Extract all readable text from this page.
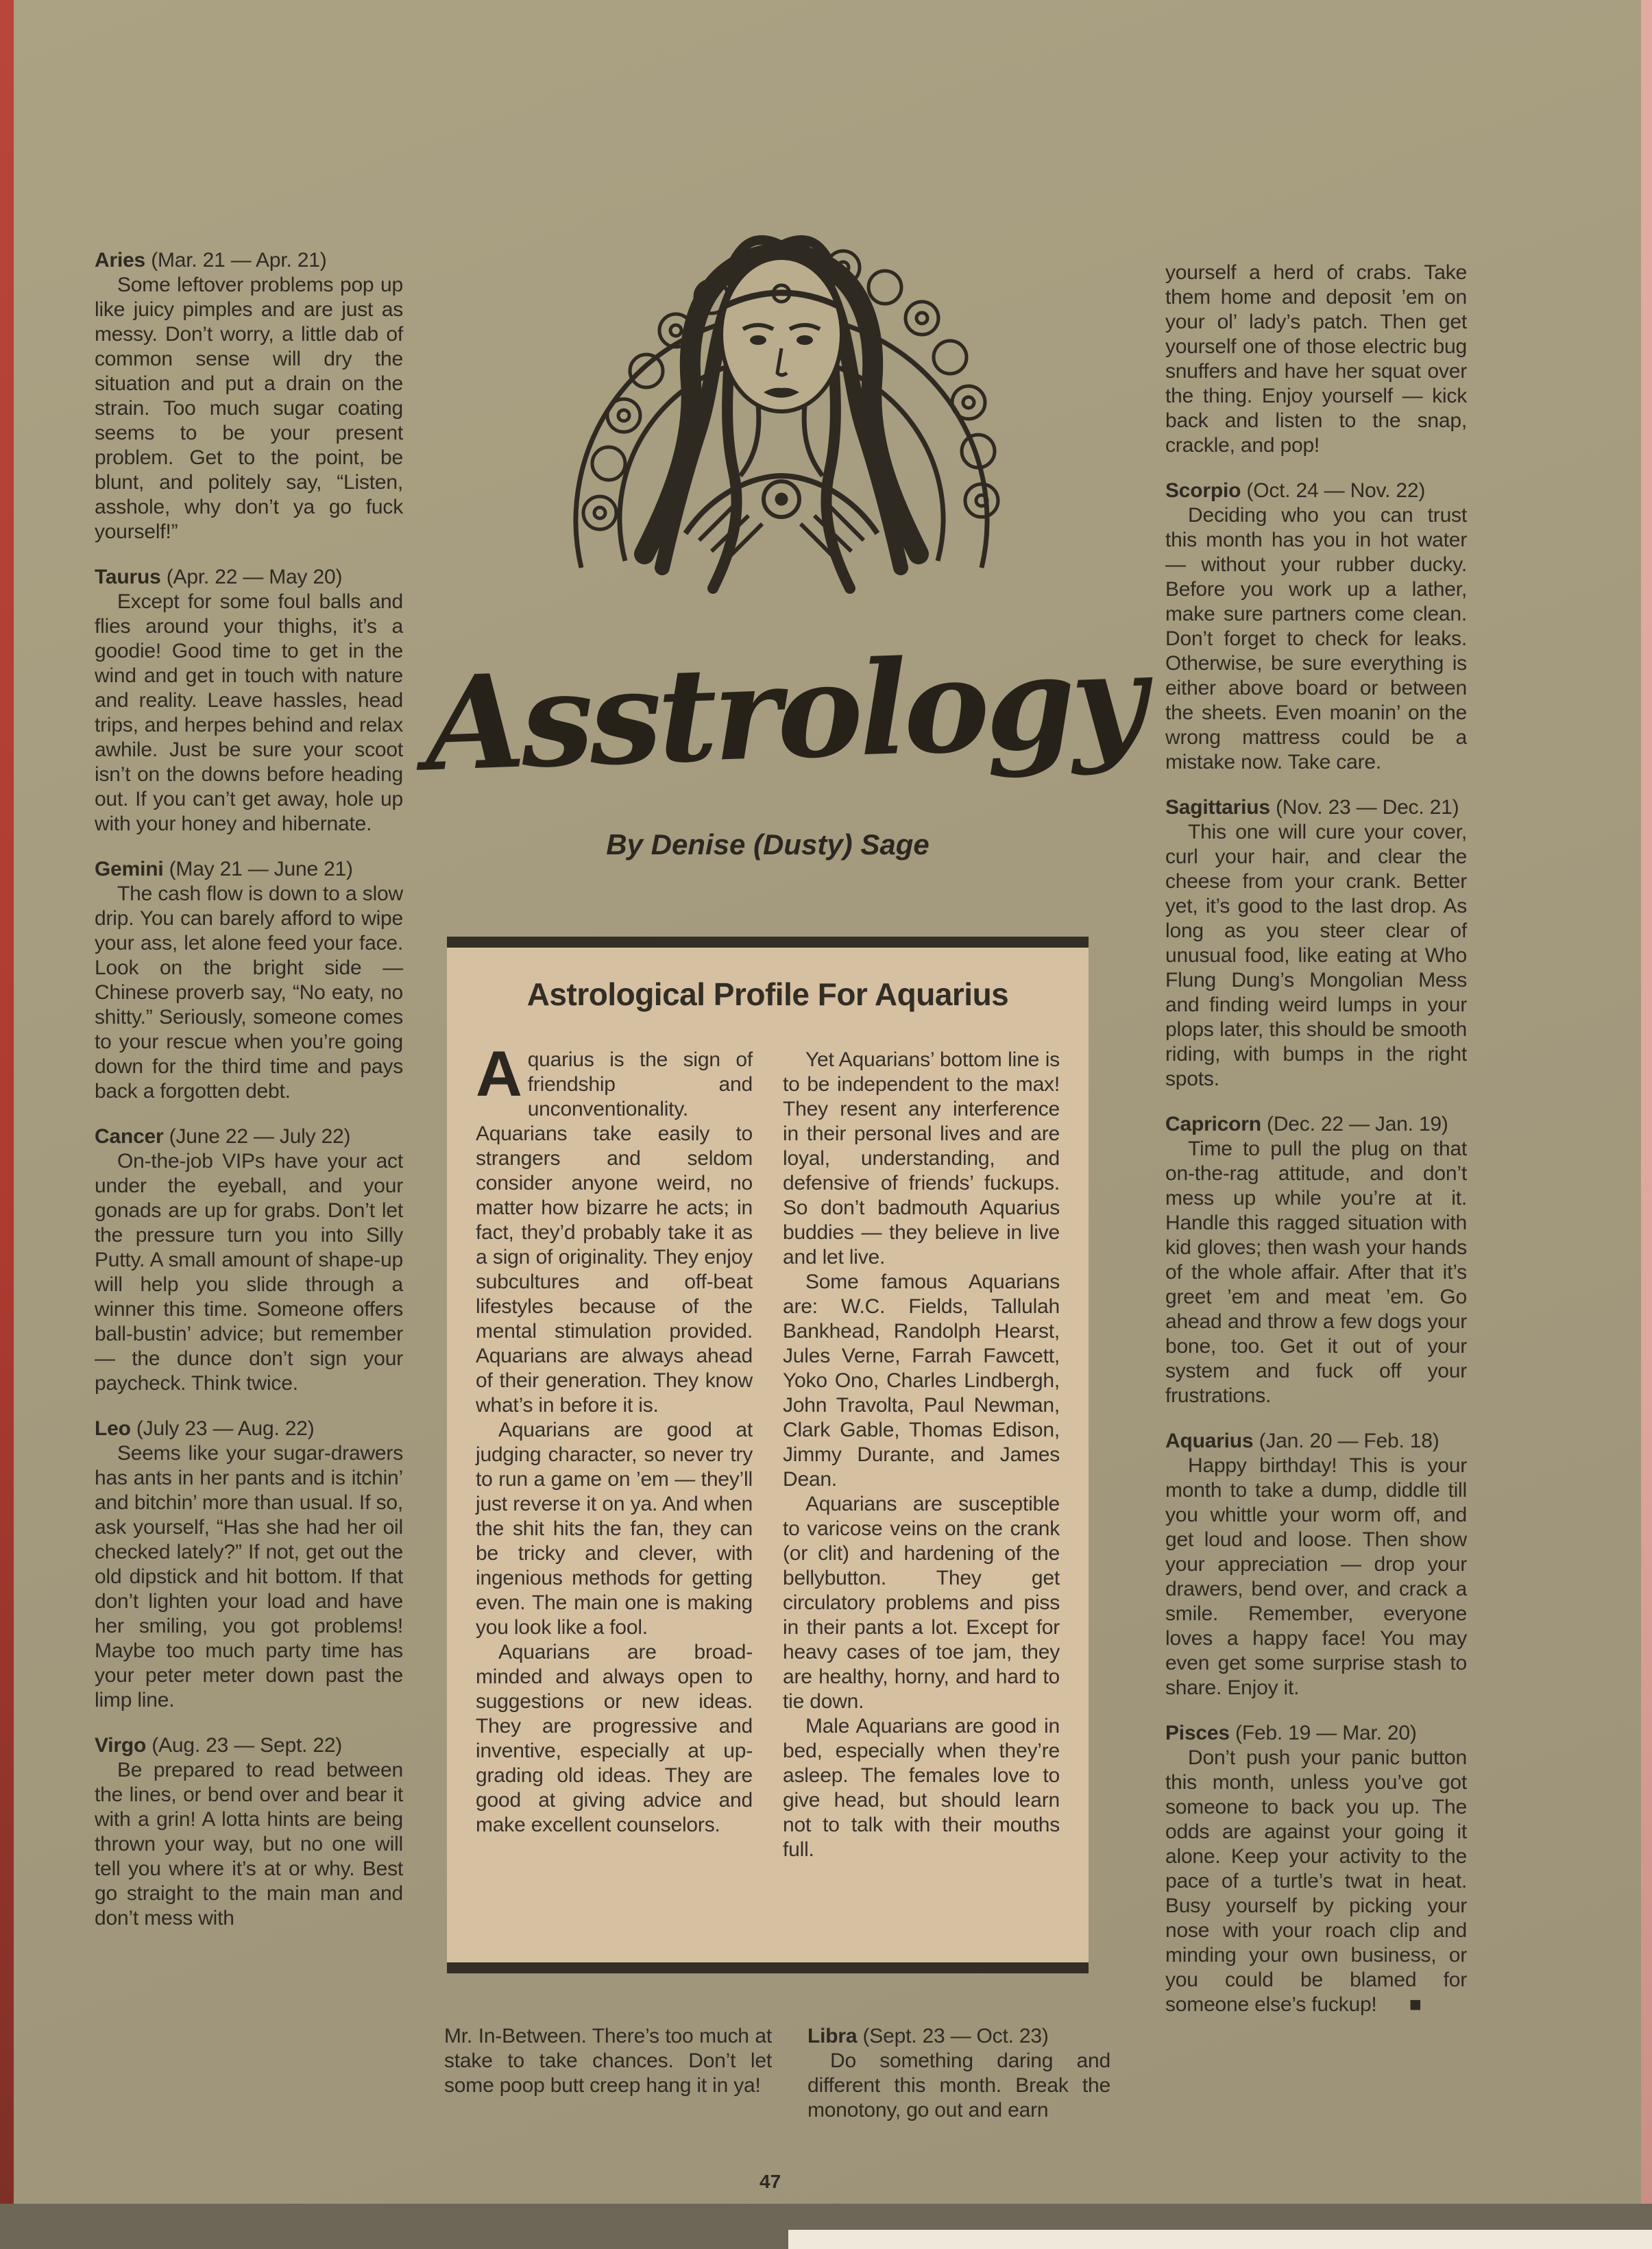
Aries (Mar. 21 — Apr. 21)

Some leftover problems pop up like juicy pimples and are just as messy. Don’t worry, a little dab of common sense will dry the situation and put a drain on the strain. Too much sugar coating seems to be your present problem. Get to the point, be blunt, and politely say, “Listen, asshole, why don’t ya go fuck yourself!”

Taurus (Apr. 22 — May 20)

Except for some foul balls and flies around your thighs, it’s a goodie! Good time to get in the wind and get in touch with nature and reality. Leave hassles, head trips, and herpes behind and relax awhile. Just be sure your scoot isn’t on the downs before heading out. If you can’t get away, hole up with your honey and hibernate.

Gemini (May 21 — June 21)

The cash flow is down to a slow drip. You can barely afford to wipe your ass, let alone feed your face. Look on the bright side — Chinese proverb say, “No eaty, no shitty.” Seriously, someone comes to your rescue when you’re going down for the third time and pays back a forgotten debt.

Cancer (June 22 — July 22)

On-the-job VIPs have your act under the eyeball, and your gonads are up for grabs. Don’t let the pressure turn you into Silly Putty. A small amount of shape-up will help you slide through a winner this time. Someone offers ball-bustin’ advice; but remember — the dunce don’t sign your paycheck. Think twice.

Leo (July 23 — Aug. 22)

Seems like your sugar-drawers has ants in her pants and is itchin’ and bitchin’ more than usual. If so, ask yourself, “Has she had her oil checked lately?” If not, get out the old dipstick and hit bottom. If that don’t lighten your load and have her smiling, you got problems! Maybe too much party time has your peter meter down past the limp line.

Virgo (Aug. 23 — Sept. 22)

Be prepared to read between the lines, or bend over and bear it with a grin! A lotta hints are being thrown your way, but no one will tell you where it’s at or why. Best go straight to the main man and don’t mess with

Asstrology
By Denise (Dusty) Sage
Astrological Profile For Aquarius

Aquarius is the sign of friendship and unconventionality. Aquarians take easily to strangers and seldom consider anyone weird, no matter how bizarre he acts; in fact, they’d probably take it as a sign of originality. They enjoy subcultures and off-beat lifestyles because of the mental stimulation provided. Aquarians are always ahead of their generation. They know what’s in before it is.

Aquarians are good at judging character, so never try to run a game on ’em — they’ll just reverse it on ya. And when the shit hits the fan, they can be tricky and clever, with ingenious methods for getting even. The main one is making you look like a fool.

Aquarians are broad-minded and always open to suggestions or new ideas. They are progressive and inventive, especially at up-grading old ideas. They are good at giving advice and make excellent counselors.

Yet Aquarians’ bottom line is to be independent to the max! They resent any interference in their personal lives and are loyal, understanding, and defensive of friends’ fuckups. So don’t badmouth Aquarius buddies — they believe in live and let live.

Some famous Aquarians are: W.C. Fields, Tallulah Bankhead, Randolph Hearst, Jules Verne, Farrah Fawcett, Yoko Ono, Charles Lindbergh, John Travolta, Paul Newman, Clark Gable, Thomas Edison, Jimmy Durante, and James Dean.

Aquarians are susceptible to varicose veins on the crank (or clit) and hardening of the bellybutton. They get circulatory problems and piss in their pants a lot. Except for heavy cases of toe jam, they are healthy, horny, and hard to tie down.

Male Aquarians are good in bed, especially when they’re asleep. The females love to give head, but should learn not to talk with their mouths full.

Mr. In-Between. There’s too much at stake to take chances. Don’t let some poop butt creep hang it in ya!

Libra (Sept. 23 — Oct. 23)

Do something daring and different this month. Break the monotony, go out and earn

yourself a herd of crabs. Take them home and deposit ’em on your ol’ lady’s patch. Then get yourself one of those electric bug snuffers and have her squat over the thing. Enjoy yourself — kick back and listen to the snap, crackle, and pop!

Scorpio (Oct. 24 — Nov. 22)

Deciding who you can trust this month has you in hot water — without your rubber ducky. Before you work up a lather, make sure partners come clean. Don’t forget to check for leaks. Otherwise, be sure everything is either above board or between the sheets. Even moanin’ on the wrong mattress could be a mistake now. Take care.

Sagittarius (Nov. 23 — Dec. 21)

This one will cure your cover, curl your hair, and clear the cheese from your crank. Better yet, it’s good to the last drop. As long as you steer clear of unusual food, like eating at Who Flung Dung’s Mongolian Mess and finding weird lumps in your plops later, this should be smooth riding, with bumps in the right spots.

Capricorn (Dec. 22 — Jan. 19)

Time to pull the plug on that on-the-rag attitude, and don’t mess up while you’re at it. Handle this ragged situation with kid gloves; then wash your hands of the whole affair. After that it’s greet ’em and meat ’em. Go ahead and throw a few dogs your bone, too. Get it out of your system and fuck off your frustrations.

Aquarius (Jan. 20 — Feb. 18)

Happy birthday! This is your month to take a dump, diddle till you whittle your worm off, and get loud and loose. Then show your appreciation — drop your drawers, bend over, and crack a smile. Remember, everyone loves a happy face! You may even get some surprise stash to share. Enjoy it.

Pisces (Feb. 19 — Mar. 20)

Don’t push your panic button this month, unless you’ve got someone to back you up. The odds are against your going it alone. Keep your activity to the pace of a turtle’s twat in heat. Busy yourself by picking your nose with your roach clip and minding your own business, or you could be blamed for someone else’s fuckup! ■

47
